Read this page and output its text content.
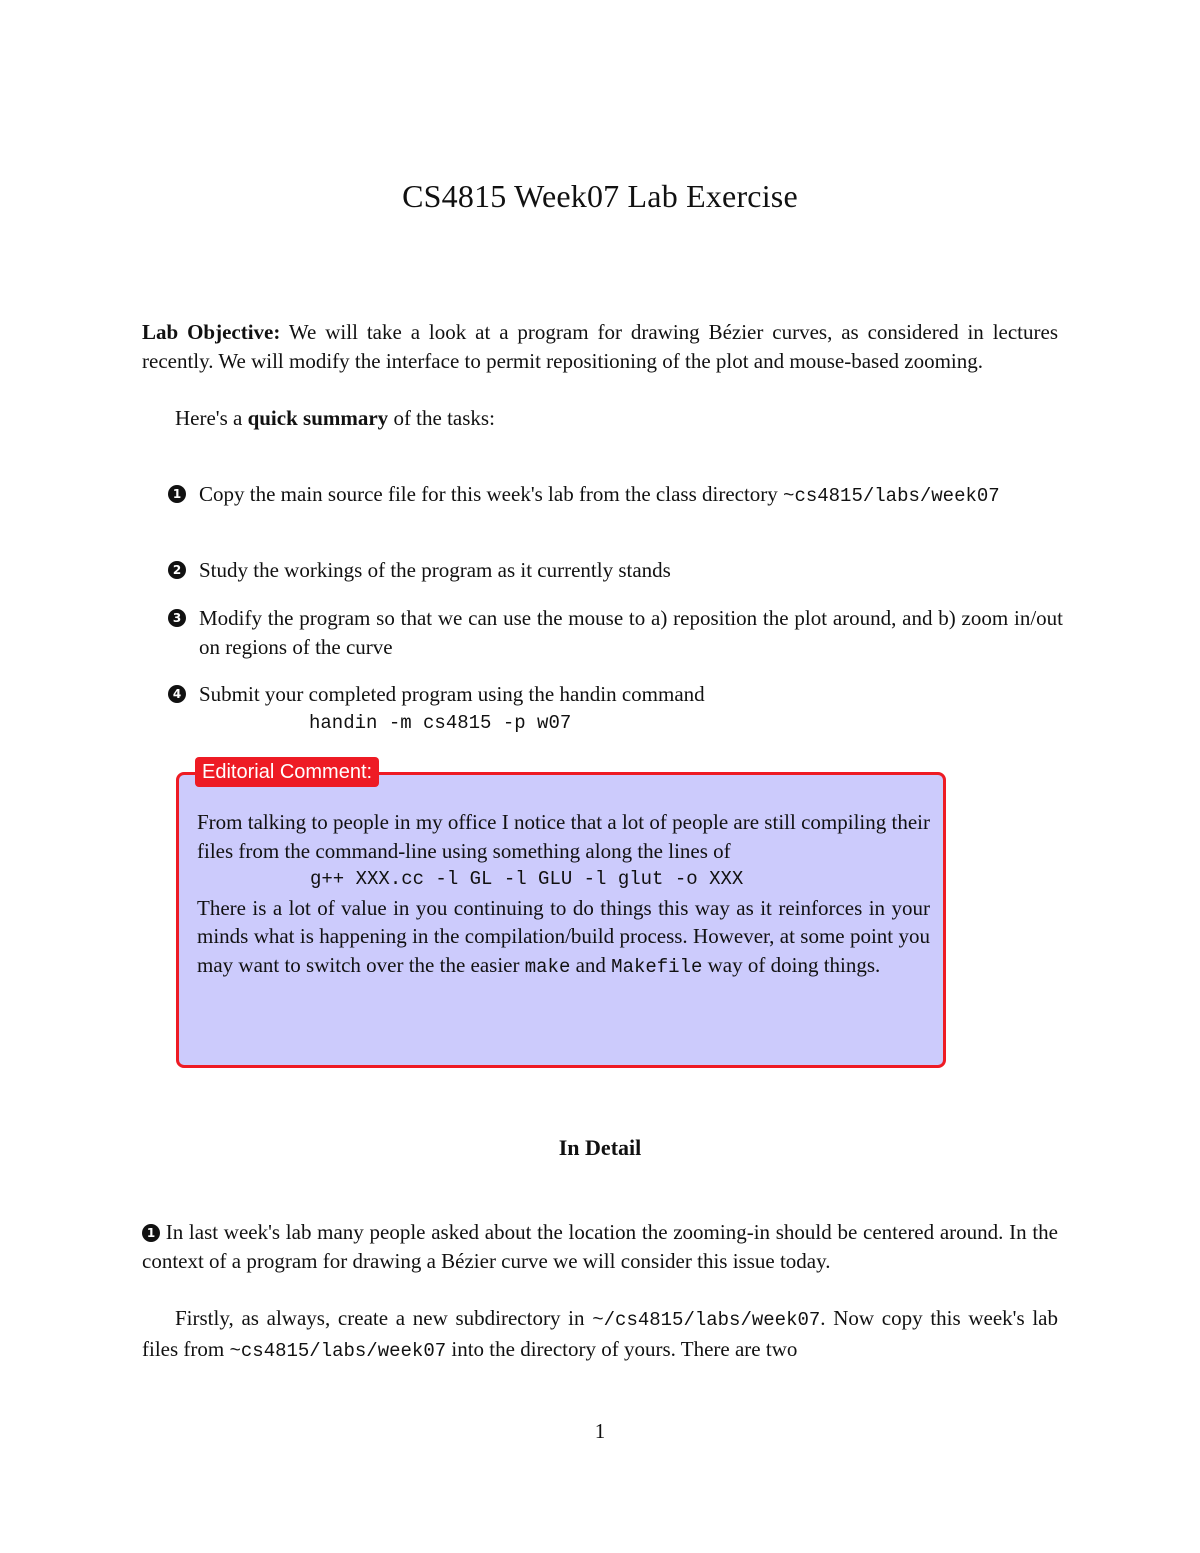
CS4815 Week07 Lab Exercise
Lab Objective: We will take a look at a program for drawing Bézier curves, as considered in lectures recently. We will modify the interface to permit repositioning of the plot and mouse-based zooming.
Here's a quick summary of the tasks:
1 Copy the main source file for this week's lab from the class directory ~cs4815/labs/week07
2 Study the workings of the program as it currently stands
3 Modify the program so that we can use the mouse to a) reposition the plot around, and b) zoom in/out on regions of the curve
4 Submit your completed program using the handin command
handin -m cs4815 -p w07
Editorial Comment:
From talking to people in my office I notice that a lot of people are still compiling their files from the command-line using something along the lines of
g++ XXX.cc -l GL -l GLU -l glut -o XXX
There is a lot of value in you continuing to do things this way as it reinforces in your minds what is happening in the compilation/build process. However, at some point you may want to switch over the the easier make and Makefile way of doing things.
In Detail
1 In last week's lab many people asked about the location the zooming-in should be centered around. In the context of a program for drawing a Bézier curve we will consider this issue today.
Firstly, as always, create a new subdirectory in ~/cs4815/labs/week07. Now copy this week's lab files from ~cs4815/labs/week07 into the directory of yours. There are two
1
